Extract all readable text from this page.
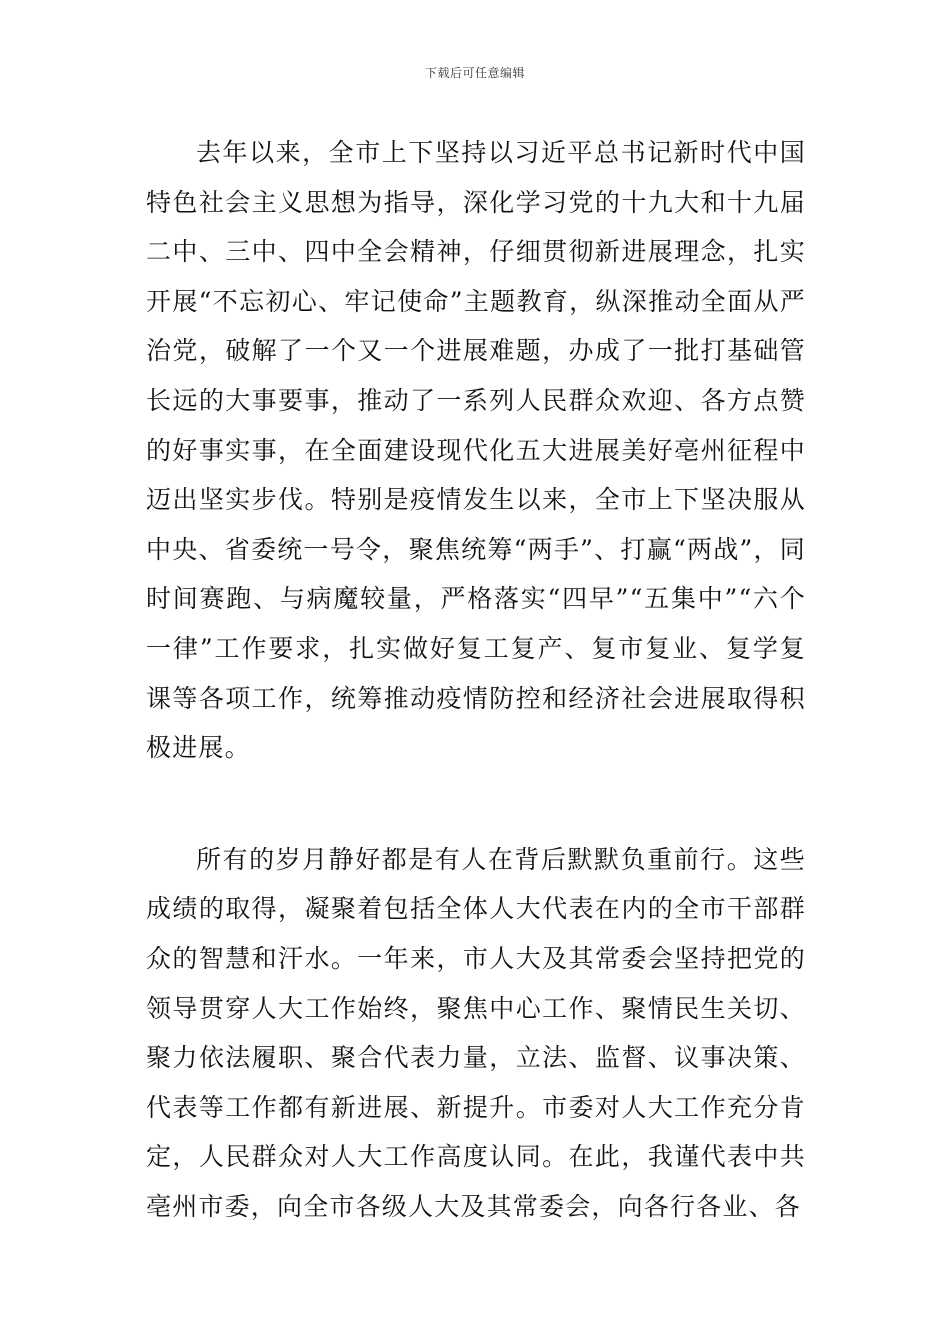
下载后可任意编辑

去年以来，全市上下坚持以习近平总书记新时代中国特色社会主义思想为指导，深化学习党的十九大和十九届二中、三中、四中全会精神，仔细贯彻新进展理念，扎实开展“不忘初心、牢记使命”主题教育，纵深推动全面从严治党，破解了一个又一个进展难题，办成了一批打基础管长远的大事要事，推动了一系列人民群众欢迎、各方点赞的好事实事，在全面建设现代化五大进展美好亳州征程中迈出坚实步伐。特别是疫情发生以来，全市上下坚决服从中央、省委统一号令，聚焦统筹“两手”、打赢“两战”，同时间赛跑、与病魔较量，严格落实“四早”“五集中”“六个一律”工作要求，扎实做好复工复产、复市复业、复学复课等各项工作，统筹推动疫情防控和经济社会进展取得积极进展。

所有的岁月静好都是有人在背后默默负重前行。这些成绩的取得，凝聚着包括全体人大代表在内的全市干部群众的智慧和汗水。一年来，市人大及其常委会坚持把党的领导贯穿人大工作始终，聚焦中心工作、聚情民生关切、聚力依法履职、聚合代表力量，立法、监督、议事决策、代表等工作都有新进展、新提升。市委对人大工作充分肯定，人民群众对人大工作高度认同。在此，我谨代表中共亳州市委，向全市各级人大及其常委会，向各行各业、各
